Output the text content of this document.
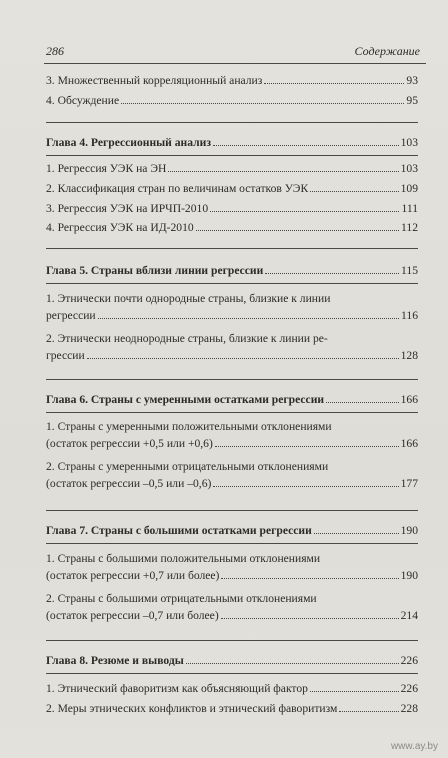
286	Содержание
3. Множественный корреляционный анализ	93
4. Обсуждение	95
Глава 4. Регрессионный анализ	103
1. Регрессия УЭК на ЭН	103
2. Классификация стран по величинам остатков УЭК	109
3. Регрессия УЭК на ИРЧП-2010	111
4. Регрессия УЭК на ИД-2010	112
Глава 5. Страны вблизи линии регрессии	115
1. Этнически почти однородные страны, близкие к линии
регрессии	116
2. Этнически неоднородные страны, близкие к линии ре-
грессии	128
Глава 6. Страны с умеренными остатками регрессии	166
1. Страны с умеренными положительными отклонениями
(остаток регрессии +0,5 или +0,6)	166
2. Страны с умеренными отрицательными отклонениями
(остаток регрессии –0,5 или –0,6)	177
Глава 7. Страны с большими остатками регрессии	190
1. Страны с большими положительными отклонениями
(остаток регрессии +0,7 или более)	190
2. Страны с большими отрицательными отклонениями
(остаток регрессии –0,7 или более)	214
Глава 8. Резюме и выводы	226
1. Этнический фаворитизм как объясняющий фактор	226
2. Меры этнических конфликтов и этнический фаворитизм	228
www.ay.by
